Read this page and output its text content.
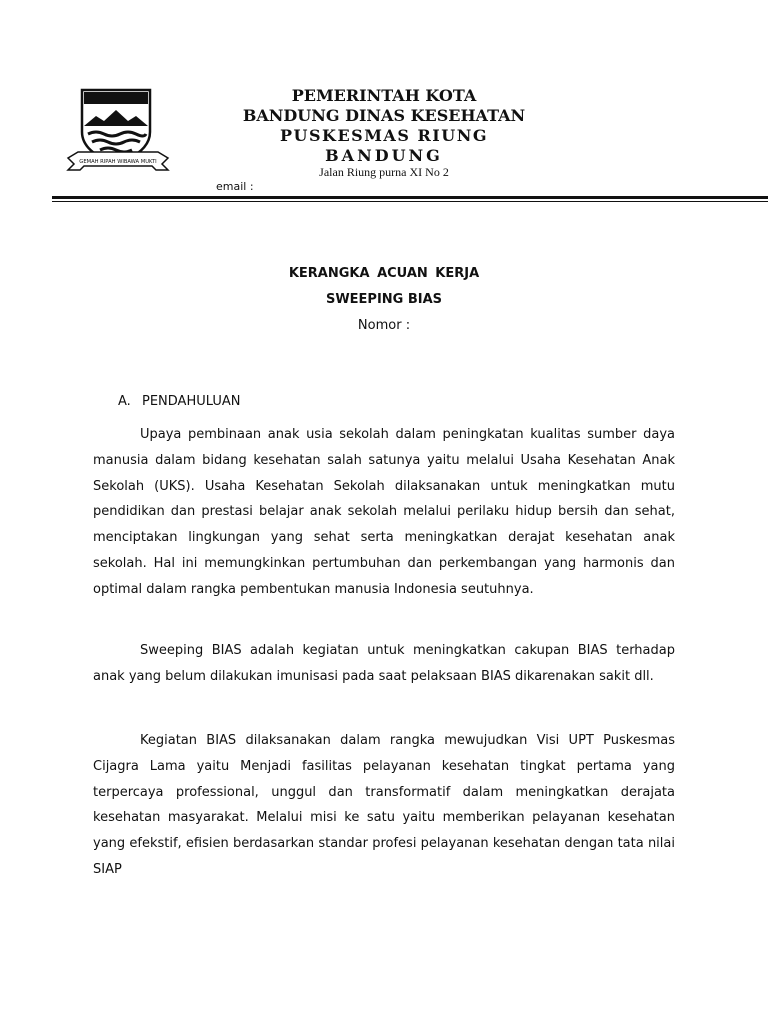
GEMAH RIPAH WIBAWA MUKTI
PEMERINTAH KOTA
BANDUNG DINAS KESEHATAN
PUSKESMAS RIUNG
BANDUNG
Jalan Riung purna XI No 2
email :
KERANGKA ACUAN KERJA
SWEEPING BIAS
Nomor :
A. PENDAHULUAN

Upaya pembinaan anak usia sekolah dalam peningkatan kualitas sumber daya manusia dalam bidang kesehatan salah satunya yaitu melalui Usaha Kesehatan Anak Sekolah (UKS). Usaha Kesehatan Sekolah dilaksanakan untuk meningkatkan mutu pendidikan dan prestasi belajar anak sekolah melalui perilaku hidup bersih dan sehat, menciptakan lingkungan yang sehat serta meningkatkan derajat kesehatan anak sekolah. Hal ini memungkinkan pertumbuhan dan perkembangan yang harmonis dan optimal dalam rangka pembentukan manusia Indonesia seutuhnya.

Sweeping BIAS adalah kegiatan untuk meningkatkan cakupan BIAS terhadap anak yang belum dilakukan imunisasi pada saat pelaksaan BIAS dikarenakan sakit dll.

Kegiatan BIAS dilaksanakan dalam rangka mewujudkan Visi UPT Puskesmas Cijagra Lama yaitu Menjadi fasilitas pelayanan kesehatan tingkat pertama yang terpercaya professional, unggul dan transformatif dalam meningkatkan derajata kesehatan masyarakat. Melalui misi ke satu yaitu memberikan pelayanan kesehatan yang efekstif, efisien berdasarkan standar profesi pelayanan kesehatan dengan tata nilai SIAP
